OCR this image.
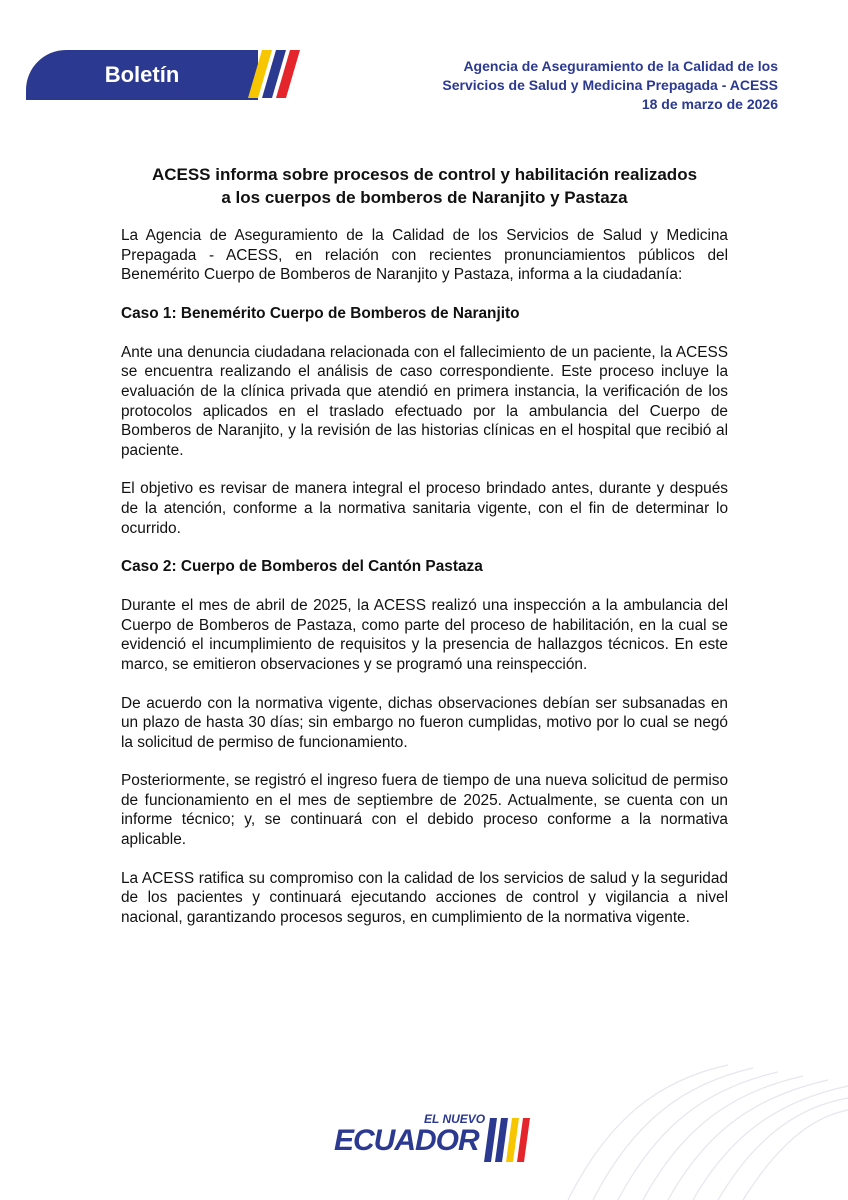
Boletín	Agencia de Aseguramiento de la Calidad de los
Servicios de Salud y Medicina Prepagada - ACESS
18 de marzo de 2026
ACESS informa sobre procesos de control y habilitación realizados
a los cuerpos de bomberos de Naranjito y Pastaza

La Agencia de Aseguramiento de la Calidad de los Servicios de Salud y Medicina Prepagada - ACESS, en relación con recientes pronunciamientos públicos del Benemérito Cuerpo de Bomberos de Naranjito y Pastaza, informa a la ciudadanía:

Caso 1: Benemérito Cuerpo de Bomberos de Naranjito

Ante una denuncia ciudadana relacionada con el fallecimiento de un paciente, la ACESS se encuentra realizando el análisis de caso correspondiente. Este proceso incluye la evaluación de la clínica privada que atendió en primera instancia, la verificación de los protocolos aplicados en el traslado efectuado por la ambulancia del Cuerpo de Bomberos de Naranjito, y la revisión de las historias clínicas en el hospital que recibió al paciente.

El objetivo es revisar de manera integral el proceso brindado antes, durante y después de la atención, conforme a la normativa sanitaria vigente, con el fin de determinar lo ocurrido.

Caso 2: Cuerpo de Bomberos del Cantón Pastaza

Durante el mes de abril de 2025, la ACESS realizó una inspección a la ambulancia del Cuerpo de Bomberos de Pastaza, como parte del proceso de habilitación, en la cual se evidenció el incumplimiento de requisitos y la presencia de hallazgos técnicos. En este marco, se emitieron observaciones y se programó una reinspección.

De acuerdo con la normativa vigente, dichas observaciones debían ser subsanadas en un plazo de hasta 30 días; sin embargo no fueron cumplidas, motivo por lo cual se negó la solicitud de permiso de funcionamiento.

Posteriormente, se registró el ingreso fuera de tiempo de una nueva solicitud de permiso de funcionamiento en el mes de septiembre de 2025. Actualmente, se cuenta con un informe técnico; y, se continuará con el debido proceso conforme a la normativa aplicable.

La ACESS ratifica su compromiso con la calidad de los servicios de salud y la seguridad de los pacientes y continuará ejecutando acciones de control y vigilancia a nivel nacional, garantizando procesos seguros, en cumplimiento de la normativa vigente.

EL NUEVO
ECUADOR
